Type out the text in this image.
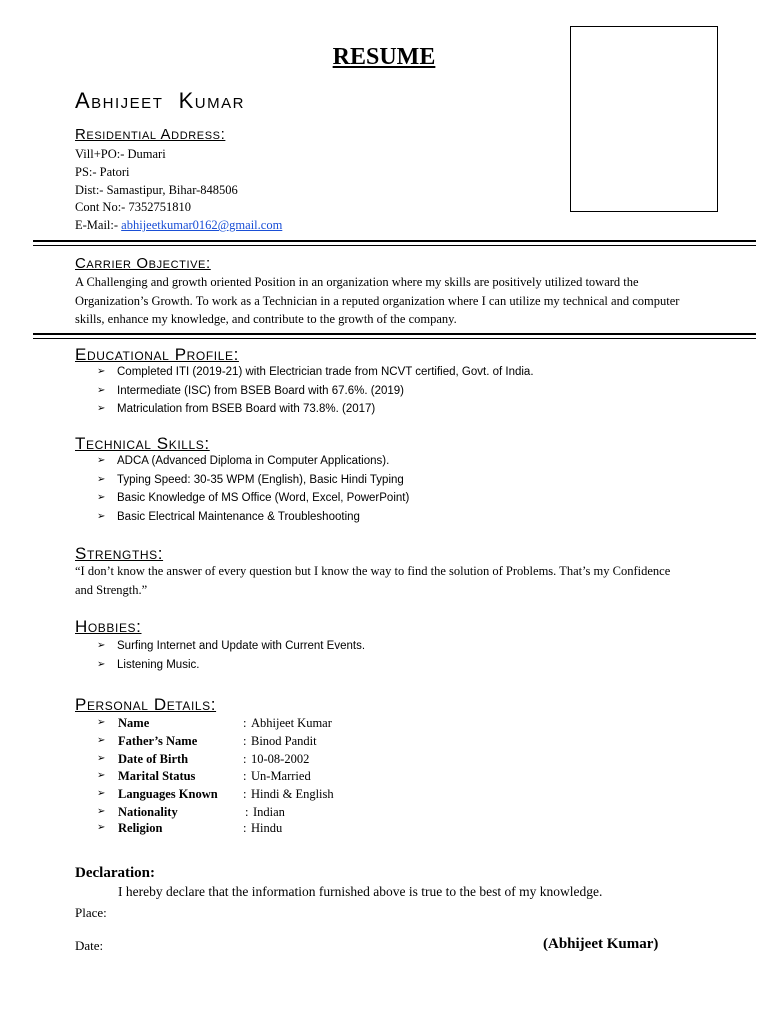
RESUME
Abhijeet  Kumar
Residential Address:
Vill+PO:- Dumari
PS:- Patori
Dist:- Samastipur, Bihar-848506
Cont No:- 7352751810
E-Mail:- abhijeetkumar0162@gmail.com
Carrier Objective:
A Challenging and growth oriented Position in an organization where my skills are positively utilized toward the Organization’s Growth. To work as a Technician in a reputed organization where I can utilize my technical and computer skills, enhance my knowledge, and contribute to the growth of the company.
Educational Profile:
➢ Completed ITI (2019-21) with Electrician trade from NCVT certified, Govt. of India.
➢ Intermediate (ISC) from BSEB Board with 67.6%. (2019)
➢ Matriculation from BSEB Board with 73.8%. (2017)
Technical Skills:
➢ ADCA (Advanced Diploma in Computer Applications).
➢ Typing Speed: 30-35 WPM (English), Basic Hindi Typing
➢ Basic Knowledge of MS Office (Word, Excel, PowerPoint)
➢ Basic Electrical Maintenance & Troubleshooting
Strengths:
“I don’t know the answer of every question but I know the way to find the solution of Problems. That’s my Confidence and Strength.”
Hobbies:
➢ Surfing Internet and Update with Current Events.
➢ Listening Music.
Personal Details:
➢ Name	: Abhijeet Kumar
➢ Father’s Name	: Binod Pandit
➢ Date of Birth	: 10-08-2002
➢ Marital Status	: Un-Married
➢ Languages Known : Hindi & English
➢ Nationality	: Indian
➢ Religion	: Hindu
Declaration:
I hereby declare that the information furnished above is true to the best of my knowledge.
Place:
Date:	(Abhijeet Kumar)
